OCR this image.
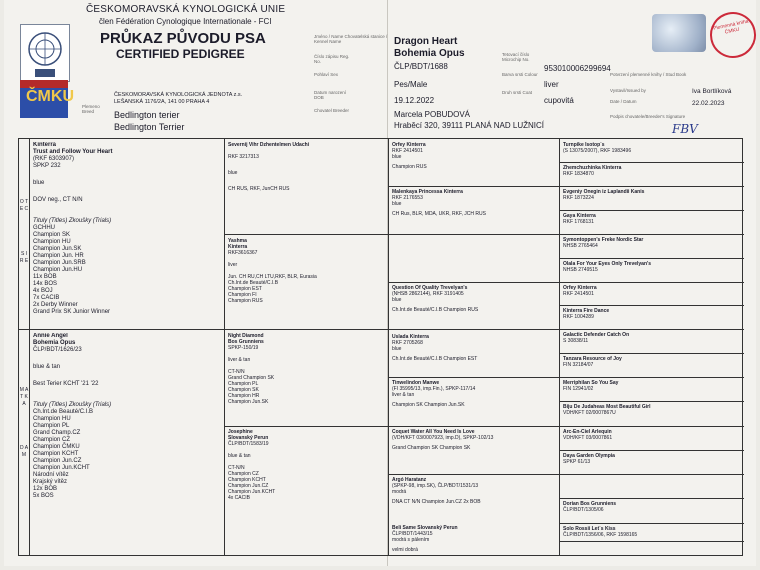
ČMKU
ČESKOMORAVSKÁ KYNOLOGICKÁ UNIE
člen Fédération Cynologique Internationale - FCI
PRŮKAZ PŮVODU PSA
CERTIFIED PEDIGREE
ČESKOMORAVSKÁ KYNOLOGICKÁ JEDNOTA z.s.
LEŠANSKÁ 1176/2A, 141 00 PRAHA 4
Plemeno Breed	Bedlington terier
Bedlington Terrier
Jméno / Name Chovatelská stanice / Kennel Name
Číslo zápisu Reg. No.
Pohlaví Sex
Datum narození DOB
Chovatel Breeder
Dragon Heart
Bohemia Opus
ČLP/BDT/1688
Pes/Male
19.12.2022
Marcela POBUDOVÁ
Hraběcí 320, 39111 PLANÁ NAD LUŽNICÍ
Tetovací číslo Microchip No.
Barva srsti Colour
Druh srsti Coat
953010006299694
liver
cupovitá
Plemenná kniha ČMKU
Potvrzení plemenné knihy / Stud Book
Vystavil/Issued by
Date / Datum
Iva Bortlíková
22.02.2023
Podpis chovatele/Breeder's Signature
FBV
O T E C
S I R E
M A T K A
D A M
Kinterra
Trust and Follow Your Heart
(RKF 6303907)
SPKP 232
blue
DOV neg., CT N/N
Tituly (Titles) Zkoušky (Trials)
GCHHU
Champion SK
Champion HU
Champion Jun.SK
Champion Jun. HR
Champion Jun.SRB
Champion Jun.HU
11x BOB
14x BOS
4x BOJ
7x CACIB
2x Derby Winner
Grand Prix SK Junior Winner
Annie Angel
Bohemia Opus
ČLP/BDT/1626/23
blue & tan
Best Terier KCHT '21 '22
Tituly (Titles) Zkoušky (Trials)
Ch.Int.de Beauté/C.I.B
Champion HU
Champion PL
Grand Champ.CZ
Champion CZ
Champion ČMKU
Champion KCHT
Champion Jun.CZ
Champion Jun.KCHT
Národní vítěz
Krajský vítěz
12x BOB
5x BOS
Severnij Vihr Dzhentelmen Udachi
RKF 3217313
blue
CH RUS, RKF, JunCH RUS
Yashma
Kinterra
RKF3616367
liver
Jun. CH RU,CH LTU,RKF, BLR, Eurasia
Ch.Int.de Beauté/C.I.B
Champion EST
Champion FI
Champion RUS
Night Diamond
Bos Grunniens
SPKP-150/19
liver & tan
CT-N/N
Grand Champion SK
Champion PL
Champion SK
Champion HR
Champion Jun.SK
Josephine
Slovanský Perun
ČLP/BDT/1583/19
blue & tan
CT-N/N
Champion CZ
Champion KCHT
Champion Jun.CZ
Champion Jun.KCHT
4x CACIB
Orfey Kinterra
RKF 2414501
blue
Champion RUS
Malenkaya Princessa Kinterra
RKF 2176553
blue
CH Rus, BLR, MDA, UKR, RKF, JCH RUS
Question Of Quality Trevelyan's
(NHSB 2862144), RKF 3191405
blue
Ch.Int.de Beauté/C.I.B Champion RUS
Uslada Kinterra
RKF 2705268
blue
Ch.Int.de Beauté/C.I.B Champion EST
Tinwelindon Manwe
(FI 35995/13, imp.Fin.), SPKP-117/14
liver & tan
Champion SK Champion Jun.SK
Coquet Water All You Need Is Love
(VDH/KFT 03/0007923, imp.D), SPKP-102/13
Grand Champion SK Champion SK
Argó Haratanz
(SPKP-98, imp.SK), ČLP/BDT/1531/13
modrá
DNA CT N/N Champion Jun.CZ 2x BOB
Beli Same Slovanský Perun
ČLP/BDT/1443/15
modrá s pálením
velmi dobrá
Turnpike Isotop´s
(S 13075/2007), RKF 1983496
Zhemchuzhinka Kinterra
RKF 1834870
Evgeniy Onegin iz Laplandii Kanis
RKF 1873224
Gaya Kinterra
RKF 1768131
Symontoppen's Freke Nordic Star
NHSB 2765464
Olala For Your Eyes Only Trevelyan's
NHSB 2749515
Orfey Kinterra
RKF 2414501
Kinterra Fire Dance
RKF 1004289
Galactic Defender Catch On
S 30838/11
Tanzara Resource of Joy
FIN 32184/07
Merriphilan So You Say
FIN 12941/02
Biju De Judaheas Most Beautiful Girl
VDH/KFT 02/0007867U
Arc-En-Ciel Arlequin
VDH/KFT 03/0007861
Daya Garden Olympia
SPKP 61/13
Dorian Bos Grunniens
ČLP/BDT/1305/06
Solo Rossii Let´s Kiss
ČLP/BDT/1356/06, RKF 1598165
